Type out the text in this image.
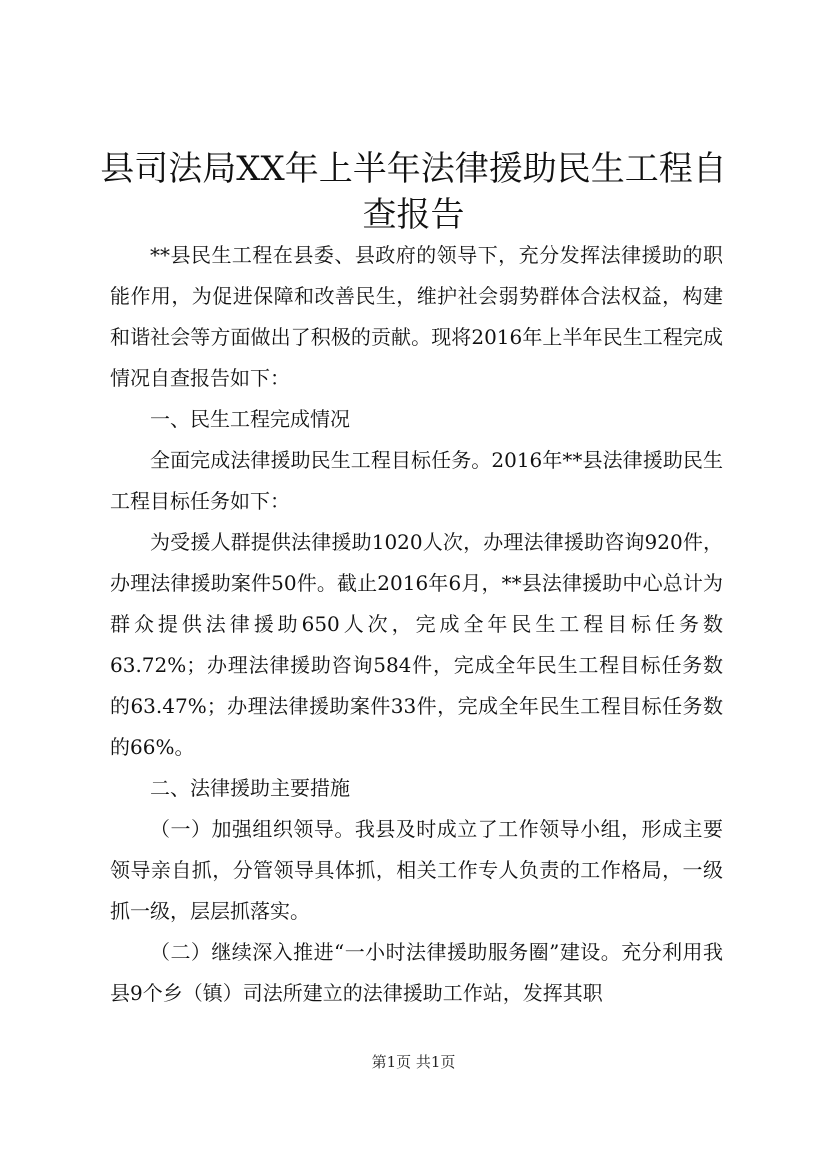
县司法局XX年上半年法律援助民生工程自查报告

**县民生工程在县委、县政府的领导下，充分发挥法律援助的职能作用，为促进保障和改善民生，维护社会弱势群体合法权益，构建和谐社会等方面做出了积极的贡献。现将2016年上半年民生工程完成情况自查报告如下：

一、民生工程完成情况

全面完成法律援助民生工程目标任务。2016年**县法律援助民生工程目标任务如下：

为受援人群提供法律援助1020人次，办理法律援助咨询920件，办理法律援助案件50件。截止2016年6月，**县法律援助中心总计为群众提供法律援助650人次，完成全年民生工程目标任务数63.72%；办理法律援助咨询584件，完成全年民生工程目标任务数的63.47%；办理法律援助案件33件，完成全年民生工程目标任务数的66%。

二、法律援助主要措施

（一）加强组织领导。我县及时成立了工作领导小组，形成主要领导亲自抓，分管领导具体抓，相关工作专人负责的工作格局，一级抓一级，层层抓落实。

（二）继续深入推进“一小时法律援助服务圈”建设。充分利用我县9个乡（镇）司法所建立的法律援助工作站，发挥其职

第1页 共1页
